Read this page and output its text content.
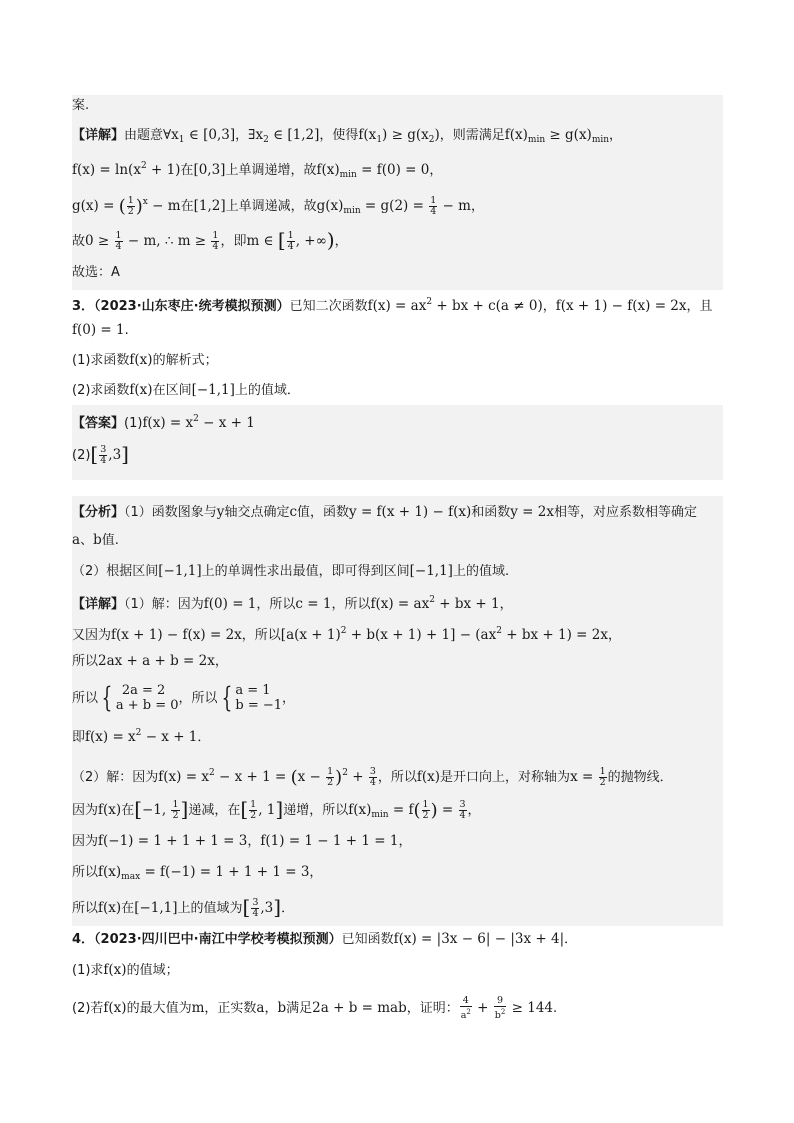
案.
【详解】由题意$\forall x_1$ ∈ [0,3]，$\exists x_2$ ∈ [1,2]，使得$f(x_1) \ge g(x_2)$，则需满足$f(x)_{min} \ge g(x)_{min}$，
$f(x) = \ln(x^2 + 1)$在[0,3]上单调递增，故$f(x)_{min} = f(0) = 0$，
g(x) = ( $\frac{1}{2} )^x - m$在[1,2]上单调递减，故$g(x)_{min} = g(2) = \frac{1}{4} - m$，
故$0 \ge \frac{1}{4} - m$, ∴ $m \ge \frac{1}{4}$ ，即m ∈ [ $\frac{1}{4}$ , +∞)，
故选：A
3．（2023·山东枣庄·统考模拟预测）已知二次函数$f(x) = ax^2$ + bx + c(a ≠ 0)，f(x + 1) − f(x) = 2x，且
f(0) = 1.
(1)求函数f(x)的解析式；
(2)求函数f(x)在区间[−1,1]上的值域．
【答案】$(1)f(x) = x^2 - x + 1$
$(2)[ \frac{3}{4} ,3]$
【分析】（1）函数图象与y轴交点确定c值，函数y = f(x + 1) − f(x)和函数y = 2x相等，对应系数相等确定
a、b值.
（2）根据区间[−1,1]上的单调性求出最值，即可得到区间[−1,1]上的值域.
【详解】（1）解：因为f(0) = 1，所以c = 1，所以$f(x) = ax^2$ + bx + 1，
又因为f(x + 1) − f(x) = 2x，所以$[a(x + 1)^2 + b(x + 1) + 1] - (ax^2$ + bx + 1) = 2x，
所以2ax + a + b = 2x，
所以 { 2a = 2
a + b = 0 ，所以 { a = 1
b = −1 ，
即$f(x) = x^2 - x + 1$．
（2）解：因为$f(x) = x^2 - x + 1 = (x - \frac{1}{2} )^2 + \frac{3}{4}$ ，所以f(x)是开口向上，对称轴为$x = \frac{1}{2}$ 的抛物线．
因为f(x)在[−1, $\frac{1}{2}$ ]递减，在[ $\frac{1}{2}$ , 1]递增，所以$f(x)_{min} = f( \frac{1}{2}$ ) = $\frac{3}{4}$ ，
因为f(−1) = 1 + 1 + 1 = 3，f(1) = 1 − 1 + 1 = 1，
所以$f(x)_{max} = f(-1) = 1 + 1 + 1 = 3$，
所以f(x)在[−1,1]上的值域为[ $\frac{3}{4} ,3$]．
4．（2023·四川巴中·南江中学校考模拟预测）已知函数f(x) = |3x − 6| − |3x + 4|．
(1)求f(x)的值域；
(2)若f(x)的最大值为m，正实数a，b满足2a + b = mab，证明： $\frac{4}{a^2} + \frac{9}{b^2} \ge 144$.
